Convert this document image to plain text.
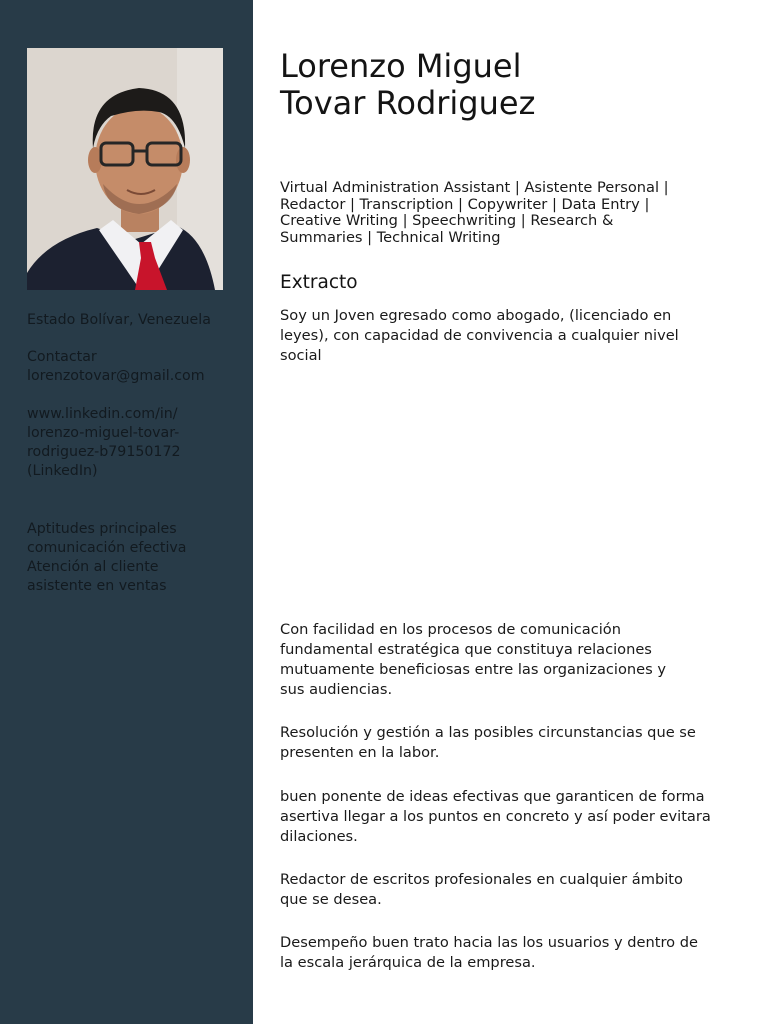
Estado Bolívar, Venezuela

Contactar

lorenzotovar@gmail.com

www.linkedin.com/in/
lorenzo-miguel-tovar-
rodriguez-b79150172
(LinkedIn)

Aptitudes principales

comunicación efectiva
Atención al cliente
asistente en ventas

Lorenzo Miguel
Tovar Rodriguez

Virtual Administration Assistant | Asistente Personal |
Redactor | Transcription | Copywriter | Data Entry |
Creative Writing | Speechwriting | Research &
Summaries | Technical Writing

Extracto

Soy un Joven egresado como abogado, (licenciado en
leyes), con capacidad de convivencia a cualquier nivel
social

Con facilidad en los procesos de comunicación
fundamental estratégica que constituya relaciones
mutuamente beneficiosas entre las organizaciones y
sus audiencias.

Resolución y gestión a las posibles circunstancias que se
presenten en la labor.

buen ponente de ideas efectivas que garanticen de forma
asertiva llegar a los puntos en concreto y así poder evitara
dilaciones.

Redactor de escritos profesionales en cualquier ámbito
que se desea.

Desempeño buen trato hacia las los usuarios y dentro de
la escala jerárquica de la empresa.
